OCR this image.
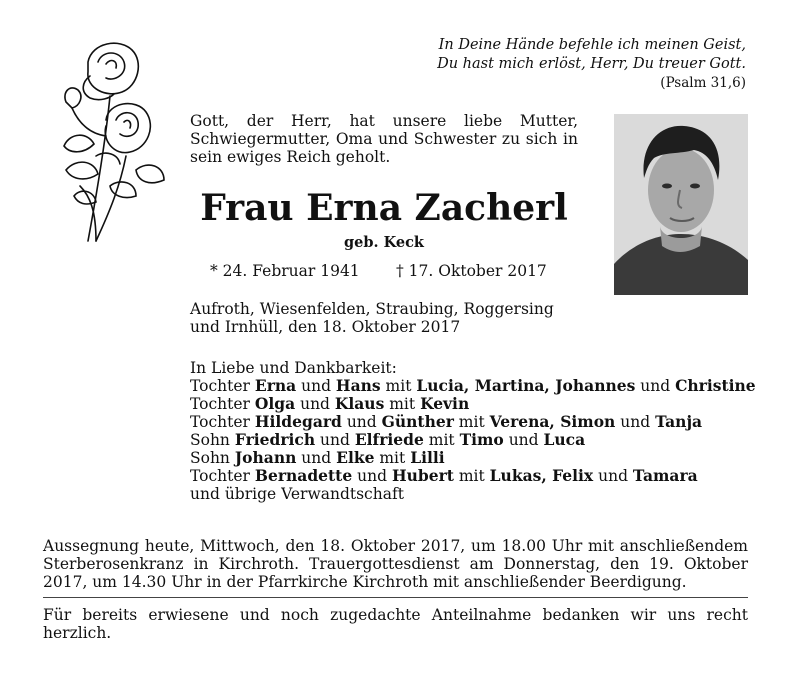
In Deine Hände befehle ich meinen Geist,
Du hast mich erlöst, Herr, Du treuer Gott.
(Psalm 31,6)
Gott, der Herr, hat unsere liebe Mutter, Schwiegermutter, Oma und Schwester zu sich in sein ewiges Reich geholt.
Frau Erna Zacherl
geb. Keck
* 24. Februar 1941 † 17. Oktober 2017
Aufroth, Wiesenfelden, Straubing, Roggersing
und Irnhüll, den 18. Oktober 2017
In Liebe und Dankbarkeit:
Tochter Erna und Hans mit Lucia, Martina, Johannes und Christine
Tochter Olga und Klaus mit Kevin
Tochter Hildegard und Günther mit Verena, Simon und Tanja
Sohn Friedrich und Elfriede mit Timo und Luca
Sohn Johann und Elke mit Lilli
Tochter Bernadette und Hubert mit Lukas, Felix und Tamara
und übrige Verwandtschaft
Aussegnung heute, Mittwoch, den 18. Oktober 2017, um 18.00 Uhr mit anschließendem Sterberosenkranz in Kirchroth. Trauergottesdienst am Donnerstag, den 19. Oktober 2017, um 14.30 Uhr in der Pfarrkirche Kirchroth mit anschließender Beerdigung.
Für bereits erwiesene und noch zugedachte Anteilnahme bedanken wir uns recht herzlich.
